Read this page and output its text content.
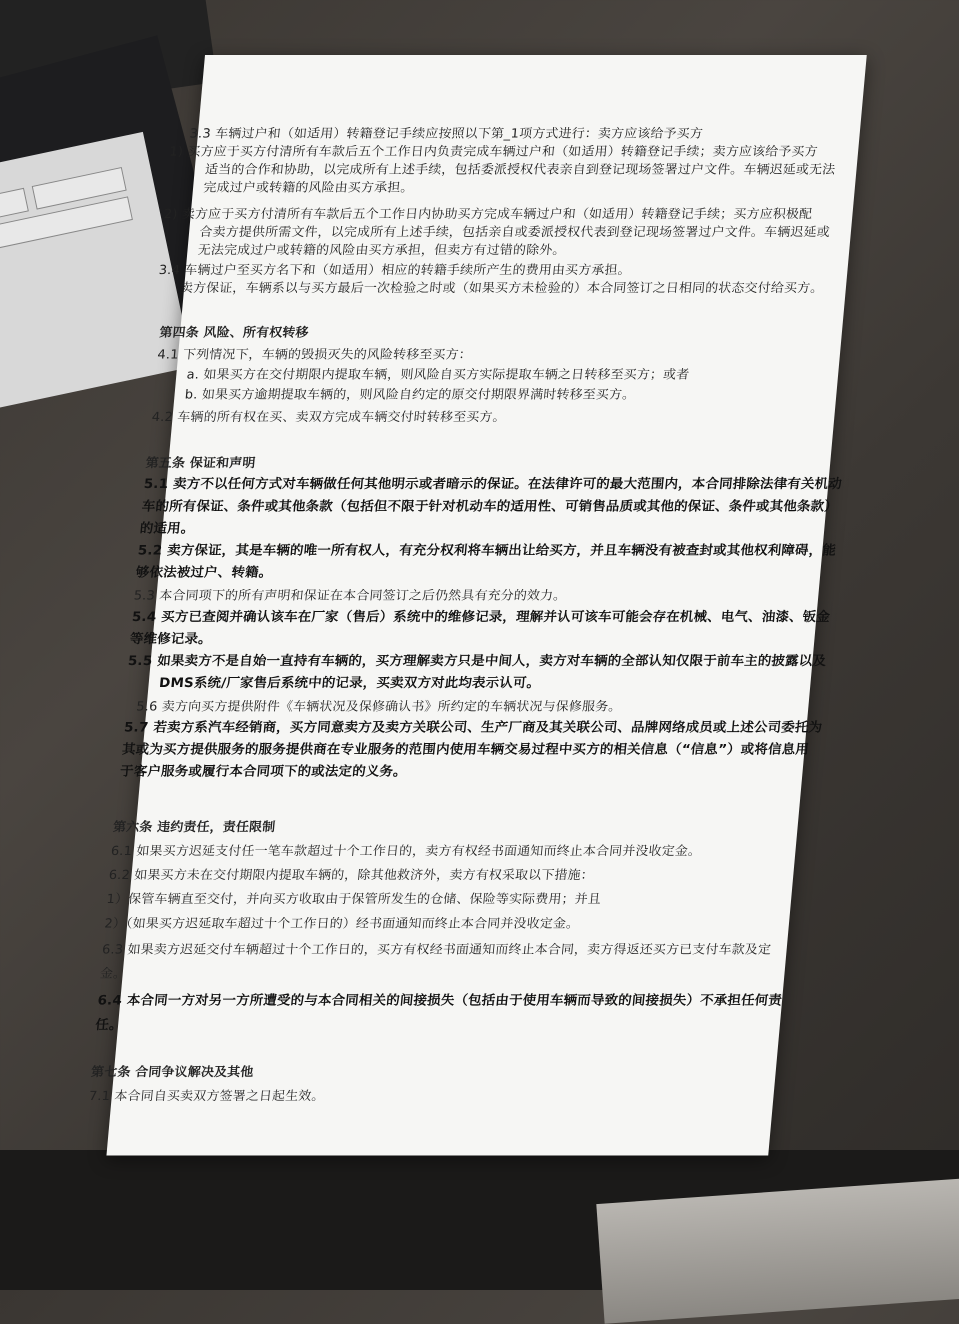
3.3 车辆过户和（如适用）转籍登记手续应按照以下第_1项方式进行：卖方应该给予买方
1) 买方应于买方付清所有车款后五个工作日内负责完成车辆过户和（如适用）转籍登记手续；卖方应该给予买方
适当的合作和协助，以完成所有上述手续，包括委派授权代表亲自到登记现场签署过户文件。车辆迟延或无法
完成过户或转籍的风险由买方承担。
2) 卖方应于买方付清所有车款后五个工作日内协助买方完成车辆过户和（如适用）转籍登记手续；买方应积极配
合卖方提供所需文件，以完成所有上述手续，包括亲自或委派授权代表到登记现场签署过户文件。车辆迟延或
无法完成过户或转籍的风险由买方承担，但卖方有过错的除外。
3.4 车辆过户至买方名下和（如适用）相应的转籍手续所产生的费用由买方承担。
卖方保证，车辆系以与买方最后一次检验之时或（如果买方未检验的）本合同签订之日相同的状态交付给买方。
第四条 风险、所有权转移
4.1 下列情况下，车辆的毁损灭失的风险转移至买方：
a. 如果买方在交付期限内提取车辆，则风险自买方实际提取车辆之日转移至买方；或者
b. 如果买方逾期提取车辆的，则风险自约定的原交付期限界满时转移至买方。
4.2 车辆的所有权在买、卖双方完成车辆交付时转移至买方。
第五条 保证和声明
5.1 卖方不以任何方式对车辆做任何其他明示或者暗示的保证。在法律许可的最大范围内，本合同排除法律有关机动
车的所有保证、条件或其他条款（包括但不限于针对机动车的适用性、可销售品质或其他的保证、条件或其他条款）
的适用。
5.2 卖方保证，其是车辆的唯一所有权人，有充分权利将车辆出让给买方，并且车辆没有被查封或其他权利障碍，能
够依法被过户、转籍。
5.3 本合同项下的所有声明和保证在本合同签订之后仍然具有充分的效力。
5.4 买方已查阅并确认该车在厂家（售后）系统中的维修记录，理解并认可该车可能会存在机械、电气、油漆、钣金
等维修记录。
5.5 如果卖方不是自始一直持有车辆的，买方理解卖方只是中间人，卖方对车辆的全部认知仅限于前车主的披露以及
DMS系统/厂家售后系统中的记录，买卖双方对此均表示认可。
5.6 卖方向买方提供附件《车辆状况及保修确认书》所约定的车辆状况与保修服务。
5.7 若卖方系汽车经销商，买方同意卖方及卖方关联公司、生产厂商及其关联公司、品牌网络成员或上述公司委托为
其或为买方提供服务的服务提供商在专业服务的范围内使用车辆交易过程中买方的相关信息（“信息”）或将信息用
于客户服务或履行本合同项下的或法定的义务。
第六条 违约责任，责任限制
6.1 如果买方迟延支付任一笔车款超过十个工作日的，卖方有权经书面通知而终止本合同并没收定金。
6.2 如果买方未在交付期限内提取车辆的，除其他救济外，卖方有权采取以下措施：
1）保管车辆直至交付，并向买方收取由于保管所发生的仓储、保险等实际费用；并且
2）（如果买方迟延取车超过十个工作日的）经书面通知而终止本合同并没收定金。
6.3 如果卖方迟延交付车辆超过十个工作日的，买方有权经书面通知而终止本合同，卖方得返还买方已支付车款及定
金。
6.4 本合同一方对另一方所遭受的与本合同相关的间接损失（包括由于使用车辆而导致的间接损失）不承担任何责
任。
第七条 合同争议解决及其他
7.1 本合同自买卖双方签署之日起生效。
